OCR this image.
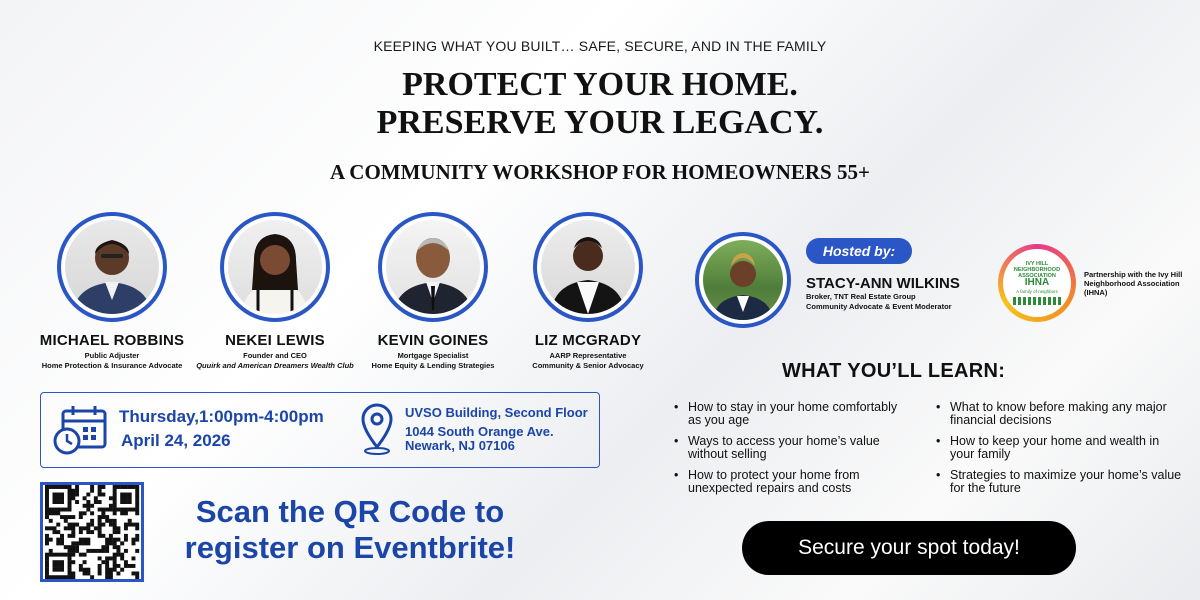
KEEPING WHAT YOU BUILT… SAFE, SECURE, AND IN THE FAMILY
PROTECT YOUR HOME.
PRESERVE YOUR LEGACY.
A COMMUNITY WORKSHOP FOR HOMEOWNERS 55+
MICHAEL ROBBINS
Public Adjuster
Home Protection & Insurance Advocate
NEKEI LEWIS
Founder and CEO
Quuirk and American Dreamers Wealth Club
KEVIN GOINES
Mortgage Specialist
Home Equity & Lending Strategies
LIZ MCGRADY
AARP Representative
Community & Senior Advocacy
Thursday,1:00pm-4:00pm
April 24, 2026
UVSO Building, Second Floor
1044 South Orange Ave.
Newark, NJ 07106
Scan the QR Code to
register on Eventbrite!
Hosted by:
STACY-ANN WILKINS
Broker, TNT Real Estate Group
Community Advocate & Event Moderator
IVY HILL NEIGHBORHOOD ASSOCIATION
IHNA
A family of neighbors
Partnership with the Ivy Hill Neighborhood Association (IHNA)
WHAT YOU’LL LEARN:
• How to stay in your home comfortably as you age
• Ways to access your home’s value without selling
• How to protect your home from unexpected repairs and costs
• What to know before making any major financial decisions
• How to keep your home and wealth in your family
• Strategies to maximize your home’s value for the future
Secure your spot today!
